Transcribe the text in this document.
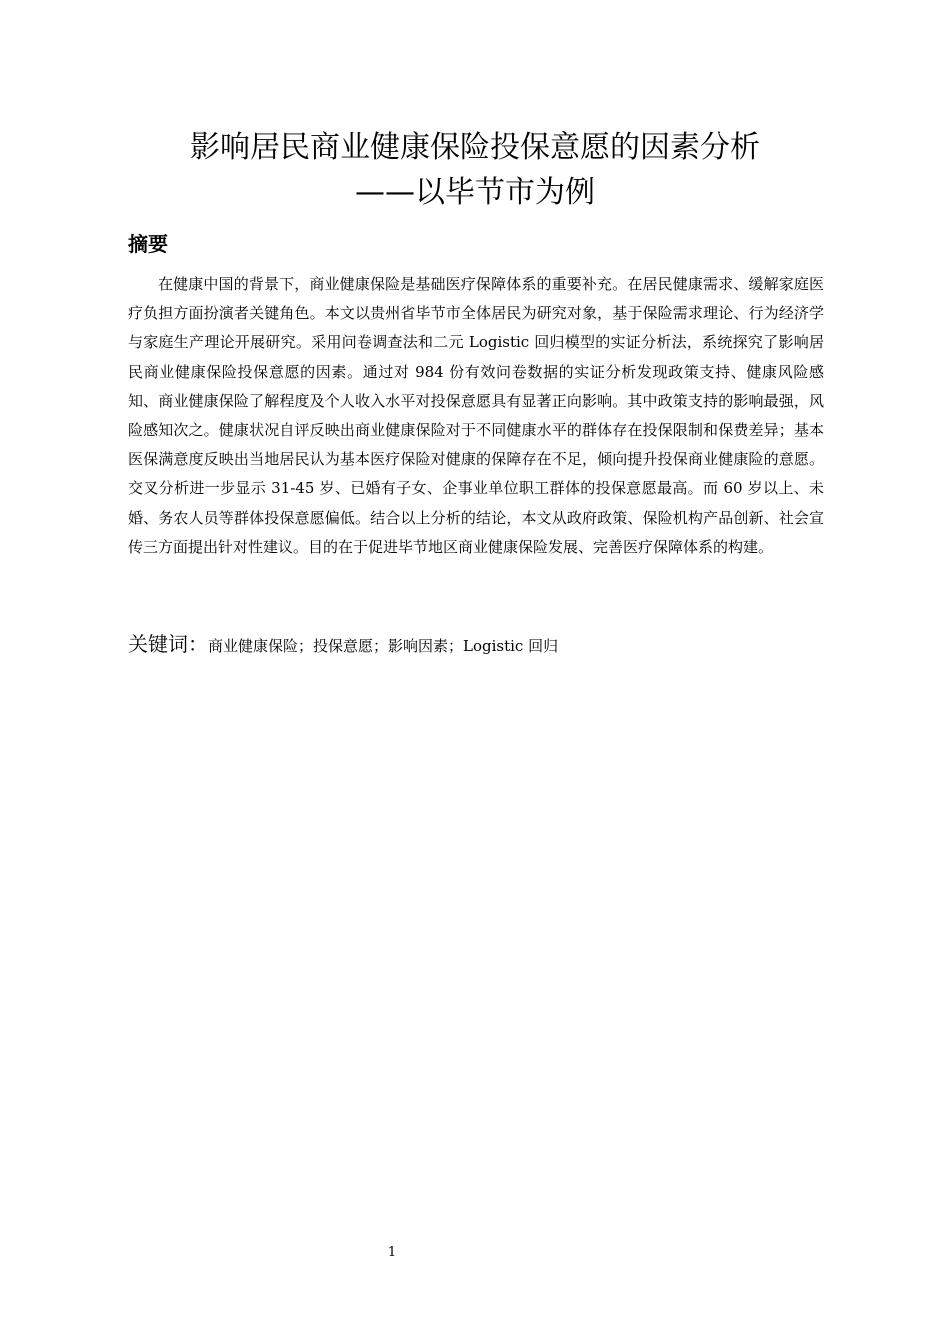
影响居民商业健康保险投保意愿的因素分析
——以毕节市为例
摘要

在健康中国的背景下，商业健康保险是基础医疗保障体系的重要补充。在居民健康需求、缓解家庭医疗负担方面扮演者关键角色。本文以贵州省毕节市全体居民为研究对象，基于保险需求理论、行为经济学与家庭生产理论开展研究。采用问卷调查法和二元 Logistic 回归模型的实证分析法，系统探究了影响居民商业健康保险投保意愿的因素。通过对 984 份有效问卷数据的实证分析发现政策支持、健康风险感知、商业健康保险了解程度及个人收入水平对投保意愿具有显著正向影响。其中政策支持的影响最强，风险感知次之。健康状况自评反映出商业健康保险对于不同健康水平的群体存在投保限制和保费差异；基本医保满意度反映出当地居民认为基本医疗保险对健康的保障存在不足，倾向提升投保商业健康险的意愿。交叉分析进一步显示 31-45 岁、已婚有子女、企事业单位职工群体的投保意愿最高。而 60 岁以上、未婚、务农人员等群体投保意愿偏低。结合以上分析的结论，本文从政府政策、保险机构产品创新、社会宣传三方面提出针对性建议。目的在于促进毕节地区商业健康保险发展、完善医疗保障体系的构建。

关键词：商业健康保险；投保意愿；影响因素；Logistic 回归
1
